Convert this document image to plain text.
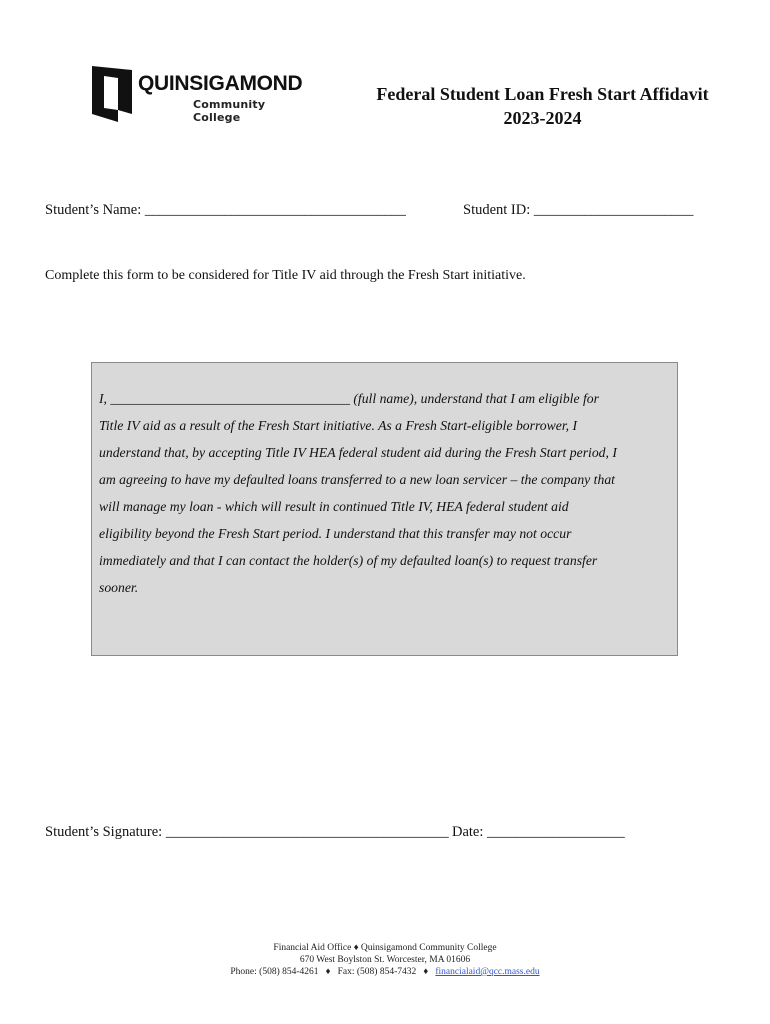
QUINSIGAMOND
Community College
Federal Student Loan Fresh Start Affidavit
2023-2024
Student’s Name: ____________________________________	Student ID: ______________________
Complete this form to be considered for Title IV aid through the Fresh Start initiative.
I, ___________________________________ (full name), understand that I am eligible for
Title IV aid as a result of the Fresh Start initiative. As a Fresh Start-eligible borrower, I
understand that, by accepting Title IV HEA federal student aid during the Fresh Start period, I
am agreeing to have my defaulted loans transferred to a new loan servicer – the company that
will manage my loan - which will result in continued Title IV, HEA federal student aid
eligibility beyond the Fresh Start period. I understand that this transfer may not occur
immediately and that I can contact the holder(s) of my defaulted loan(s) to request transfer
sooner.
Student’s Signature: _______________________________________ Date: ___________________
Financial Aid Office ♦ Quinsigamond Community College
670 West Boylston St. Worcester, MA 01606
Phone: (508) 854-4261   ♦   Fax: (508) 854-7432   ♦   financialaid@qcc.mass.edu
